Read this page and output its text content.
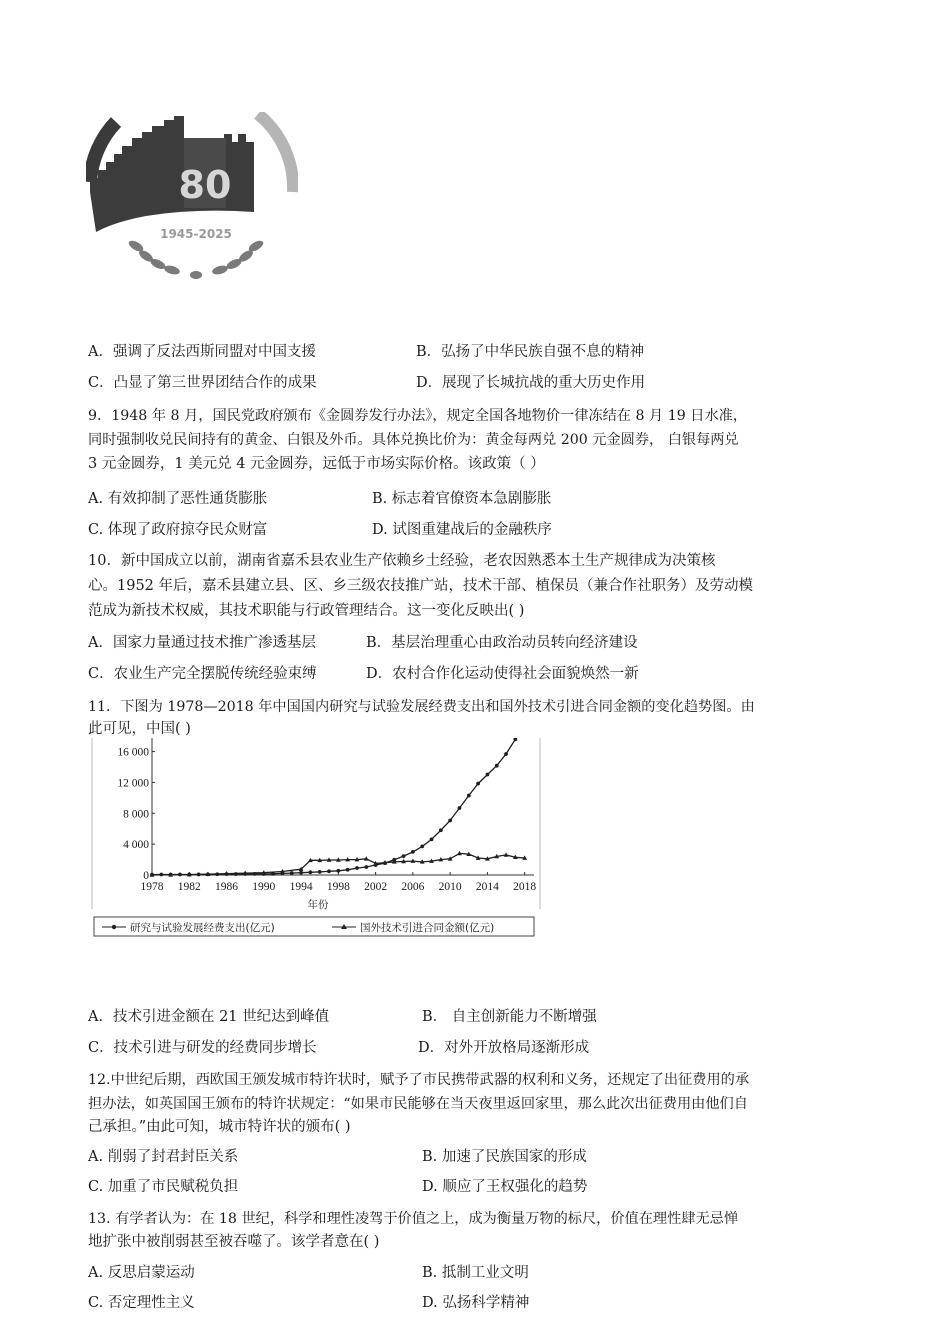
80
1945-2025
A．强调了反法西斯同盟对中国支援	B．弘扬了中华民族自强不息的精神
C．凸显了第三世界团结合作的成果	D．展现了长城抗战的重大历史作用
9．1948 年 8 月，国民党政府颁布《金圆券发行办法》，规定全国各地物价一律冻结在 8 月 19 日水准，
同时强制收兑民间持有的黄金、白银及外币。具体兑换比价为：黄金每两兑 200 元金圆券， 白银每两兑
3 元金圆券，1 美元兑 4 元金圆券，远低于市场实际价格。该政策（ ）
A. 有效抑制了恶性通货膨胀	B. 标志着官僚资本急剧膨胀
C. 体现了政府掠夺民众财富	D. 试图重建战后的金融秩序
10．新中国成立以前，湖南省嘉禾县农业生产依赖乡土经验，老农因熟悉本土生产规律成为决策核
心。1952 年后，嘉禾县建立县、区、乡三级农技推广站，技术干部、植保员（兼合作社职务）及劳动模
范成为新技术权威，其技术职能与行政管理结合。这一变化反映出( )
A．国家力量通过技术推广渗透基层	B．基层治理重心由政治动员转向经济建设
C．农业生产完全摆脱传统经验束缚	D．农村合作化运动使得社会面貌焕然一新
11．下图为 1978—2018 年中国国内研究与试验发展经费支出和国外技术引进合同金额的变化趋势图。由
此可见，中国( )
0
4 000
8 000
12 000
16 000
1978 1982 1986 1990 1994 1998 2002 2006 2010 2014 2018
年份
研究与试验发展经费支出(亿元)	国外技术引进合同金额(亿元)
A．技术引进金额在 21 世纪达到峰值	B． 自主创新能力不断增强
C．技术引进与研发的经费同步增长	D．对外开放格局逐渐形成
12.中世纪后期，西欧国王颁发城市特许状时，赋予了市民携带武器的权利和义务，还规定了出征费用的承
担办法，如英国国王颁布的特许状规定：“如果市民能够在当天夜里返回家里，那么此次出征费用由他们自
己承担。”由此可知，城市特许状的颁布( )
A. 削弱了封君封臣关系	B. 加速了民族国家的形成
C. 加重了市民赋税负担	D. 顺应了王权强化的趋势
13. 有学者认为：在 18 世纪，科学和理性凌驾于价值之上，成为衡量万物的标尺，价值在理性肆无忌惮
地扩张中被削弱甚至被吞噬了。该学者意在( )
A. 反思启蒙运动	B. 抵制工业文明
C. 否定理性主义	D. 弘扬科学精神
